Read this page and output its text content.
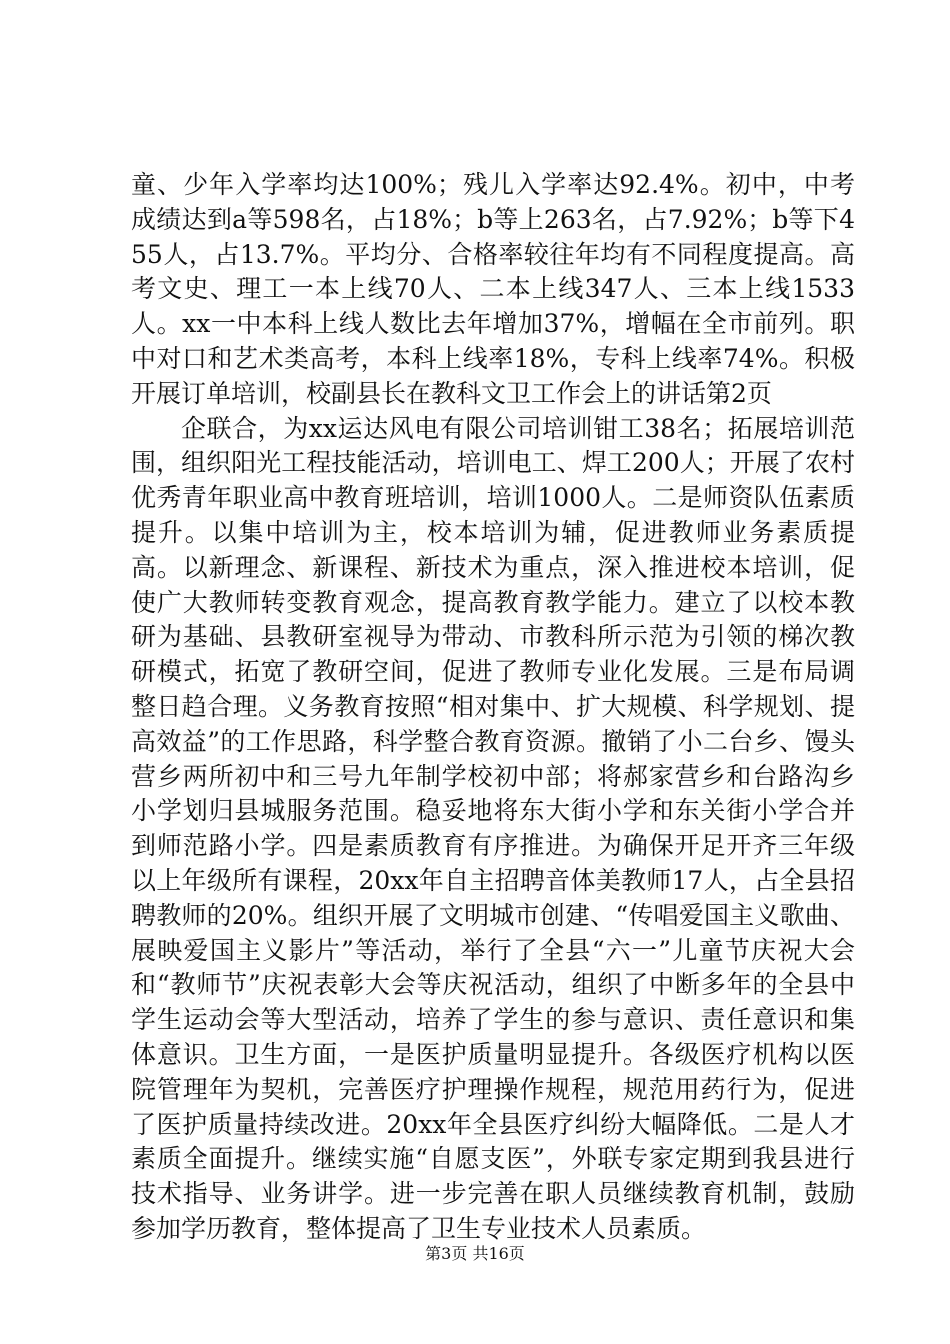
童、少年入学率均达100%；残儿入学率达92.4%。初中，中考成绩达到a等598名，占18%；b等上263名，占7.92%；b等下455人，占13.7%。平均分、合格率较往年均有不同程度提高。高考文史、理工一本上线70人、二本上线347人、三本上线1533人。xx一中本科上线人数比去年增加37%，增幅在全市前列。职中对口和艺术类高考，本科上线率18%，专科上线率74%。积极开展订单培训，校副县长在教科文卫工作会上的讲话第2页

企联合，为xx运达风电有限公司培训钳工38名；拓展培训范围，组织阳光工程技能活动，培训电工、焊工200人；开展了农村优秀青年职业高中教育班培训，培训1000人。二是师资队伍素质提升。以集中培训为主，校本培训为辅，促进教师业务素质提高。以新理念、新课程、新技术为重点，深入推进校本培训，促使广大教师转变教育观念，提高教育教学能力。建立了以校本教研为基础、县教研室视导为带动、市教科所示范为引领的梯次教研模式，拓宽了教研空间，促进了教师专业化发展。三是布局调整日趋合理。义务教育按照“相对集中、扩大规模、科学规划、提高效益”的工作思路，科学整合教育资源。撤销了小二台乡、馒头营乡两所初中和三号九年制学校初中部；将郝家营乡和台路沟乡小学划归县城服务范围。稳妥地将东大街小学和东关街小学合并到师范路小学。四是素质教育有序推进。为确保开足开齐三年级以上年级所有课程，20xx年自主招聘音体美教师17人，占全县招聘教师的20%。组织开展了文明城市创建、“传唱爱国主义歌曲、展映爱国主义影片”等活动，举行了全县“六一”儿童节庆祝大会和“教师节”庆祝表彰大会等庆祝活动，组织了中断多年的全县中学生运动会等大型活动，培养了学生的参与意识、责任意识和集体意识。卫生方面，一是医护质量明显提升。各级医疗机构以医院管理年为契机，完善医疗护理操作规程，规范用药行为，促进了医护质量持续改进。20xx年全县医疗纠纷大幅降低。二是人才素质全面提升。继续实施“自愿支医”，外联专家定期到我县进行技术指导、业务讲学。进一步完善在职人员继续教育机制，鼓励参加学历教育，整体提高了卫生专业技术人员素质。

第3页 共16页
